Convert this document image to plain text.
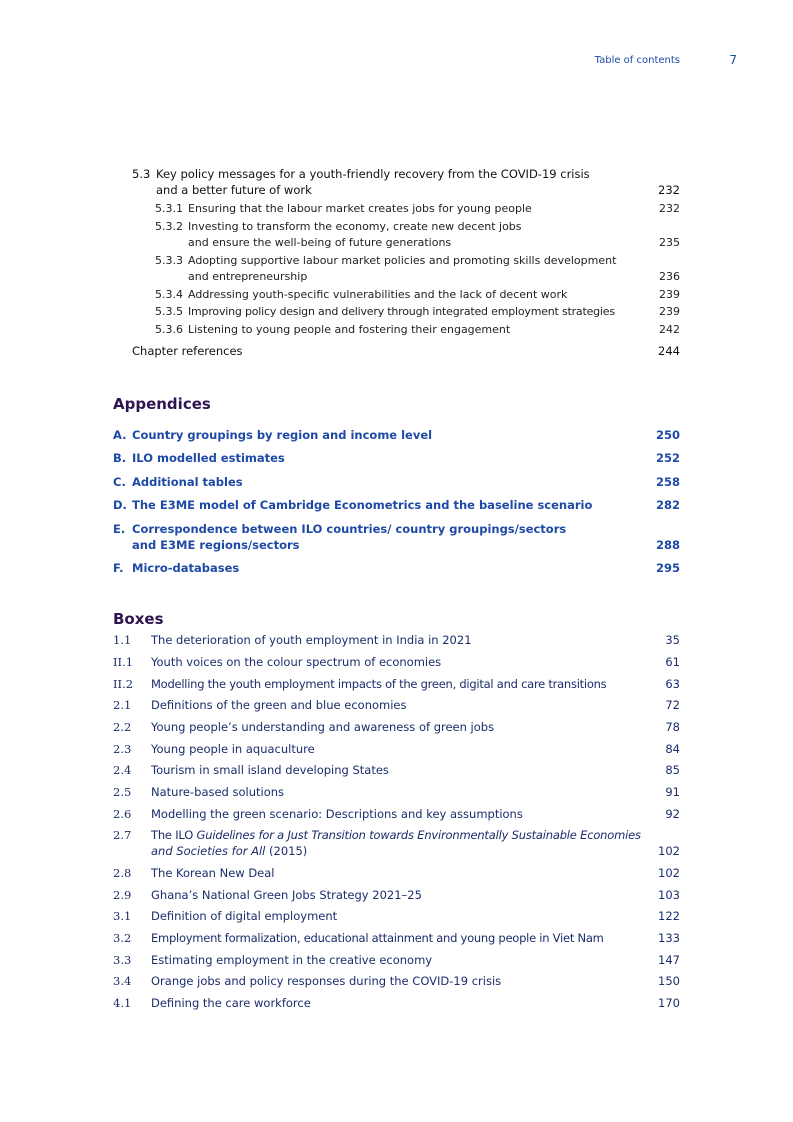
Table of contents	7
5.3 Key policy messages for a youth-friendly recovery from the COVID-19 crisis
and a better future of work	232
5.3.1 Ensuring that the labour market creates jobs for young people	232
5.3.2 Investing to transform the economy, create new decent jobs
and ensure the well-being of future generations	235
5.3.3 Adopting supportive labour market policies and promoting skills development
and entrepreneurship	236
5.3.4 Addressing youth-specific vulnerabilities and the lack of decent work	239
5.3.5 Improving policy design and delivery through integrated employment strategies	239
5.3.6 Listening to young people and fostering their engagement	242
Chapter references	244
Appendices
A. Country groupings by region and income level	250
B. ILO modelled estimates	252
C. Additional tables	258
D. The E3ME model of Cambridge Econometrics and the baseline scenario	282
E. Correspondence between ILO countries/ country groupings/sectors
and E3ME regions/sectors	288
F. Micro-databases	295
Boxes
1.1 The deterioration of youth employment in India in 2021	35
II.1 Youth voices on the colour spectrum of economies	61
II.2 Modelling the youth employment impacts of the green, digital and care transitions	63
2.1 Definitions of the green and blue economies	72
2.2 Young people’s understanding and awareness of green jobs	78
2.3 Young people in aquaculture	84
2.4 Tourism in small island developing States	85
2.5 Nature-based solutions	91
2.6 Modelling the green scenario: Descriptions and key assumptions	92
2.7 The ILO Guidelines for a Just Transition towards Environmentally Sustainable Economies
and Societies for All (2015)	102
2.8 The Korean New Deal	102
2.9 Ghana’s National Green Jobs Strategy 2021–25	103
3.1 Definition of digital employment	122
3.2 Employment formalization, educational attainment and young people in Viet Nam	133
3.3 Estimating employment in the creative economy	147
3.4 Orange jobs and policy responses during the COVID-19 crisis	150
4.1 Defining the care workforce	170
